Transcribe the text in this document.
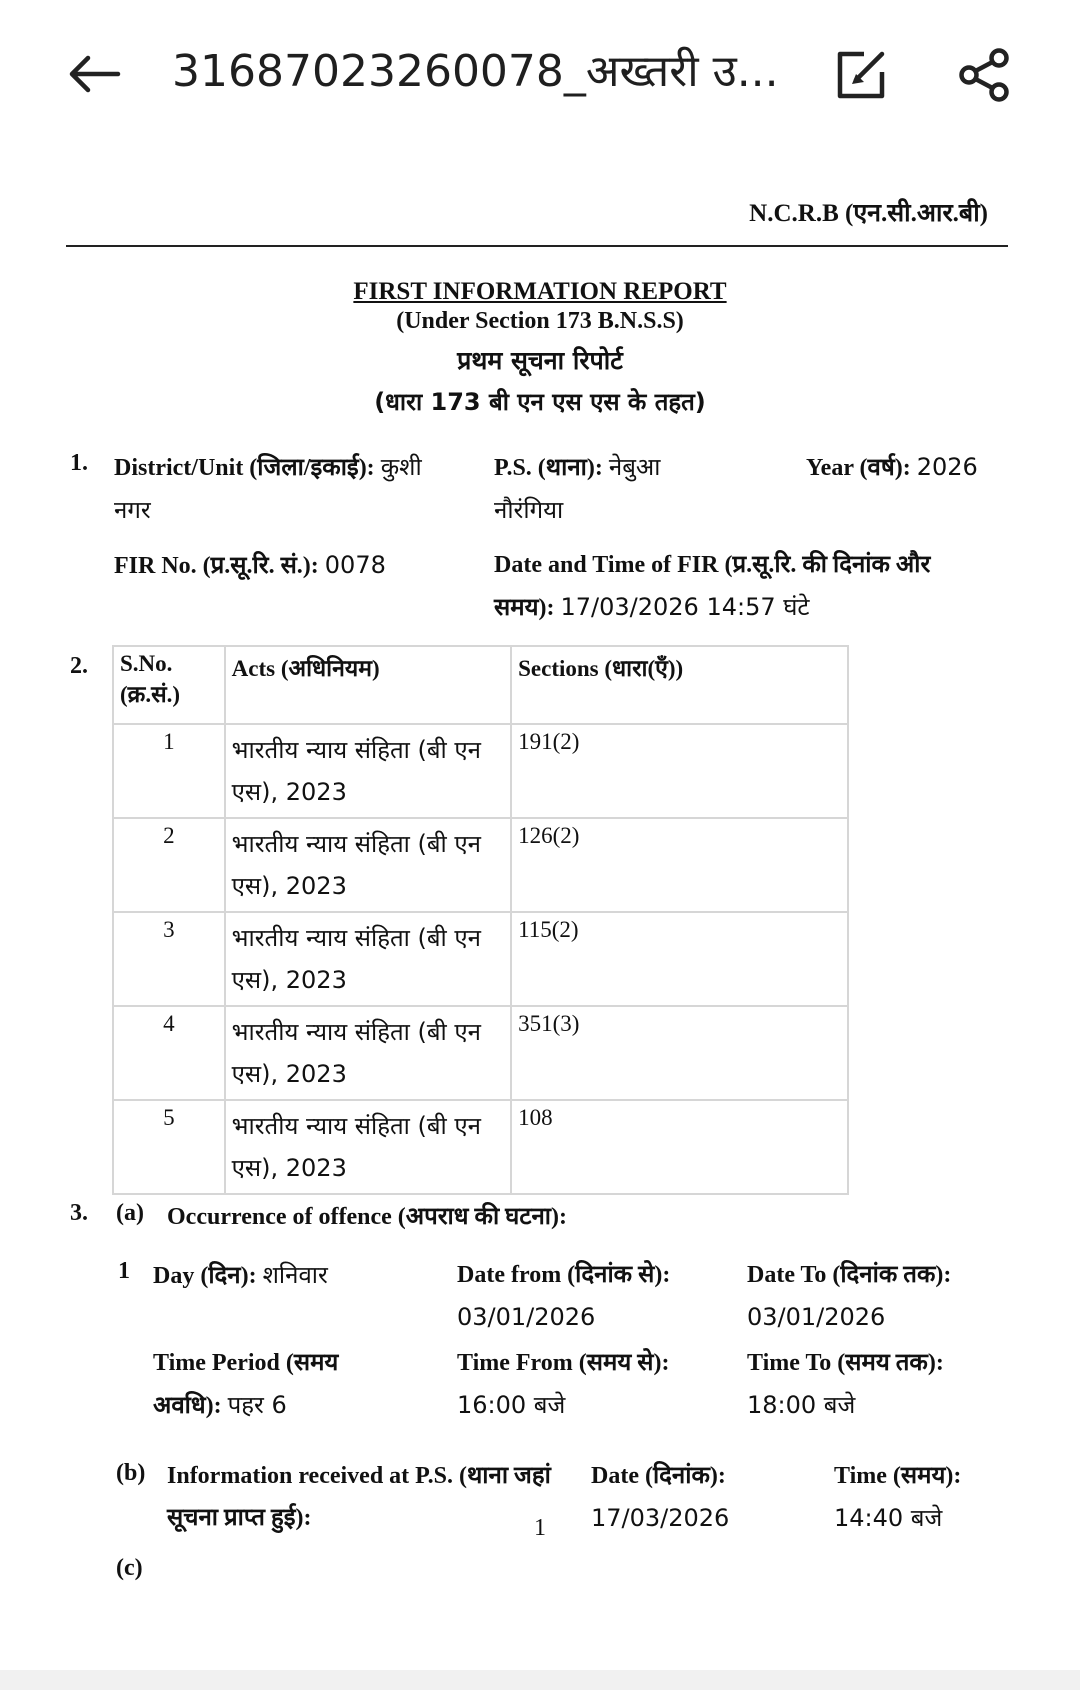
31687023260078_अख्तरी उ...
N.C.R.B (एन.सी.आर.बी)
FIRST INFORMATION REPORT
(Under Section 173 B.N.S.S)
प्रथम सूचना रिपोर्ट
(धारा 173 बी एन एस एस के तहत)
1. District/Unit (जिला/इकाई): कुशी नगर
P.S. (थाना): नेबुआ नौरंगिया
Year (वर्ष): 2026
FIR No. (प्र.सू.रि. सं.): 0078	Date and Time of FIR (प्र.सू.रि. की दिनांक और समय): 17/03/2026 14:57 घंटे
2. S.No. (क्र.सं.)	Acts (अधिनियम)	Sections (धारा(एँ))
1	भारतीय न्याय संहिता (बी एन एस), 2023	191(2)
2	भारतीय न्याय संहिता (बी एन एस), 2023	126(2)
3	भारतीय न्याय संहिता (बी एन एस), 2023	115(2)
4	भारतीय न्याय संहिता (बी एन एस), 2023	351(3)
5	भारतीय न्याय संहिता (बी एन एस), 2023	108
3. (a) Occurrence of offence (अपराध की घटना):
1 Day (दिन): शनिवार	Date from (दिनांक से):
03/01/2026
Date To (दिनांक तक): 03/01/2026
Time Period (समय अवधि): पहर 6
Time From (समय से):
16:00 बजे
Time To (समय तक): 18:00 बजे
(b) Information received at P.S. (थाना जहां सूचना प्राप्त हुई):
Date (दिनांक):
17/03/2026
Time (समय):
14:40 बजे
(c)
1
